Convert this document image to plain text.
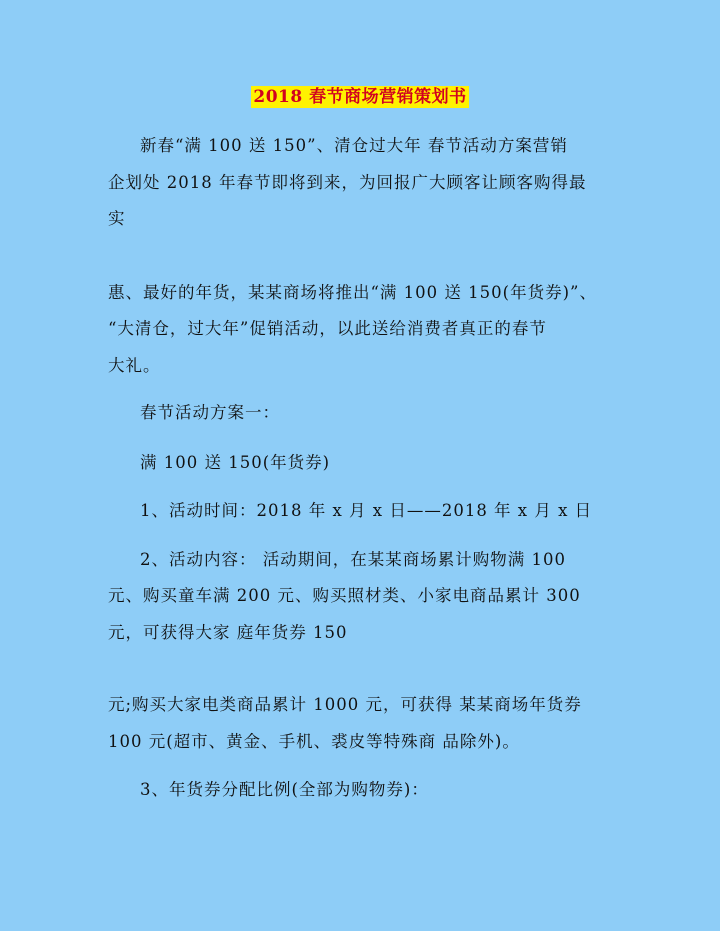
2018 春节商场营销策划书
新春“满 100 送 150”、清仓过大年 春节活动方案营销
企划处 2018 年春节即将到来，为回报广大顾客让顾客购得最
实
惠、最好的年货，某某商场将推出“满 100 送 150(年货券)”、
“大清仓，过大年”促销活动，以此送给消费者真正的春节
大礼。
春节活动方案一：
满 100 送 150(年货券)
1、活动时间：2018 年 x 月 x 日——2018 年 x 月 x 日
2、活动内容： 活动期间，在某某商场累计购物满 100
元、购买童车满 200 元、购买照材类、小家电商品累计 300
元，可获得大家 庭年货券 150
元;购买大家电类商品累计 1000 元，可获得 某某商场年货券
100 元(超市、黄金、手机、裘皮等特殊商 品除外)。
3、年货券分配比例(全部为购物券)：
